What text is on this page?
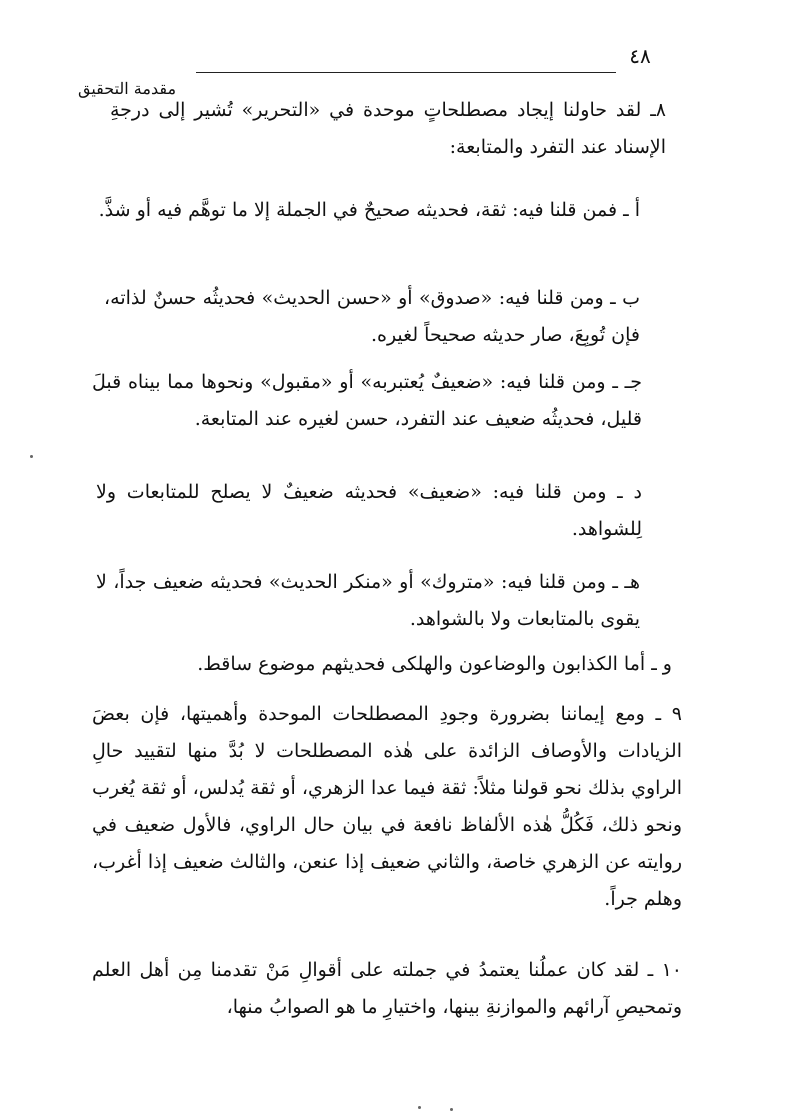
٤٨
مقدمة التحقيق
٨ـ لقد حاولنا إيجاد مصطلحاتٍ موحدة في «التحرير» تُشير إلى درجةِ الإسناد عند التفرد والمتابعة:
أ ـ فمن قلنا فيه: ثقة، فحديثه صحيحٌ في الجملة إلا ما توهَّم فيه أو شذَّ.
ب ـ ومن قلنا فيه: «صدوق» أو «حسن الحديث» فحديثُه حسنٌ لذاته، فإن تُوبِعَ، صار حديثه صحيحاً لغيره.
جـ ـ ومن قلنا فيه: «ضعيفٌ يُعتبربه» أو «مقبول» ونحوها مما بيناه قبلَ قليل، فحديثُه ضعيف عند التفرد، حسن لغيره عند المتابعة.
د ـ ومن قلنا فيه: «ضعيف» فحديثه ضعيفٌ لا يصلح للمتابعات ولا لِلشواهد.
هـ ـ ومن قلنا فيه: «متروك» أو «منكر الحديث» فحديثه ضعيف جداً، لا يقوى بالمتابعات ولا بالشواهد.
و ـ أما الكذابون والوضاعون والهلكى فحديثهم موضوع ساقط.
٩ ـ ومع إيماننا بضرورة وجودِ المصطلحات الموحدة وأهميتها، فإن بعضَ الزيادات والأوصاف الزائدة على هٰذه المصطلحات لا بُدَّ منها لتقييد حالِ الراوي بذلك نحو قولنا مثلاً: ثقة فيما عدا الزهري، أو ثقة يُدلس، أو ثقة يُغرب ونحو ذلك، فَكُلُّ هٰذه الألفاظ نافعة في بيان حال الراوي، فالأول ضعيف في روايته عن الزهري خاصة، والثاني ضعيف إذا عنعن، والثالث ضعيف إذا أغرب، وهلم جراً.
١٠ ـ لقد كان عملُنا يعتمدُ في جملته على أقوالِ مَنْ تقدمنا مِن أهل العلم وتمحيصِ آرائهم والموازنةِ بينها، واختيارِ ما هو الصوابُ منها،
